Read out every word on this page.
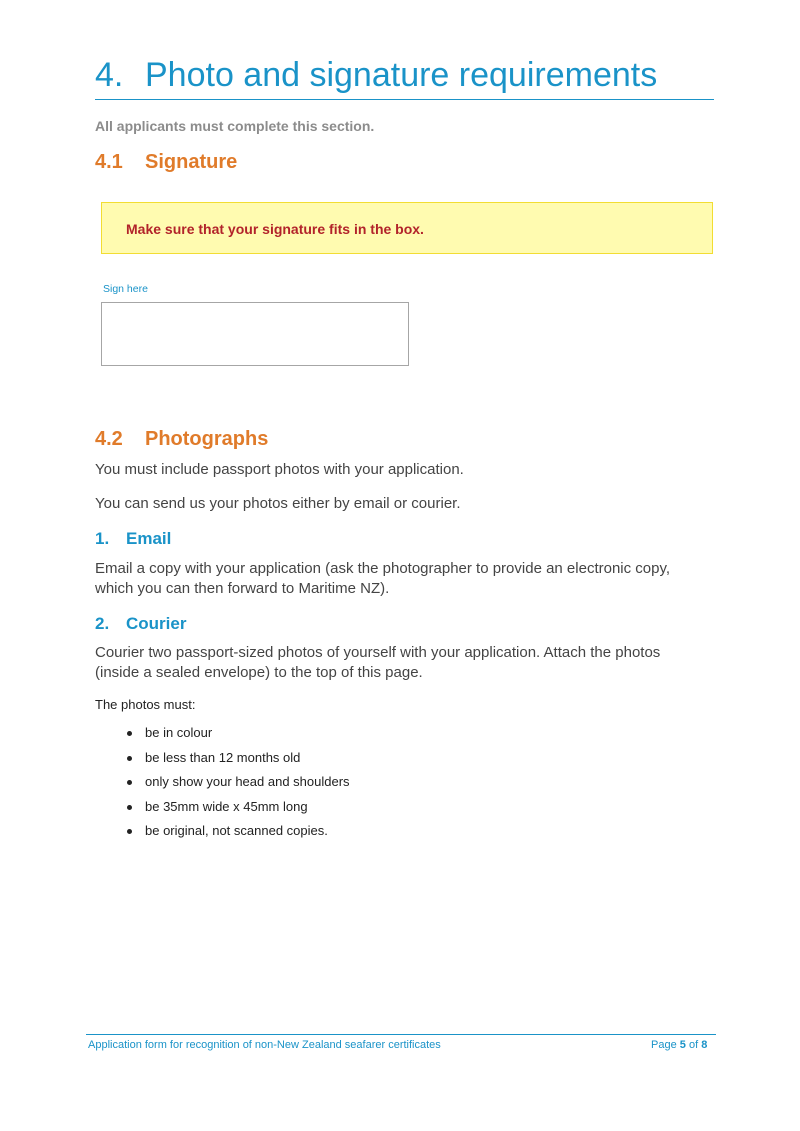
4. Photo and signature requirements
All applicants must complete this section.
4.1 Signature
Make sure that your signature fits in the box.
Sign here
4.2 Photographs
You must include passport photos with your application.
You can send us your photos either by email or courier.
1. Email
Email a copy with your application (ask the photographer to provide an electronic copy, which you can then forward to Maritime NZ).
2. Courier
Courier two passport-sized photos of yourself with your application. Attach the photos (inside a sealed envelope) to the top of this page.
The photos must:
be in colour
be less than 12 months old
only show your head and shoulders
be 35mm wide x 45mm long
be original, not scanned copies.
Application form for recognition of non-New Zealand seafarer certificates	Page 5 of 8
